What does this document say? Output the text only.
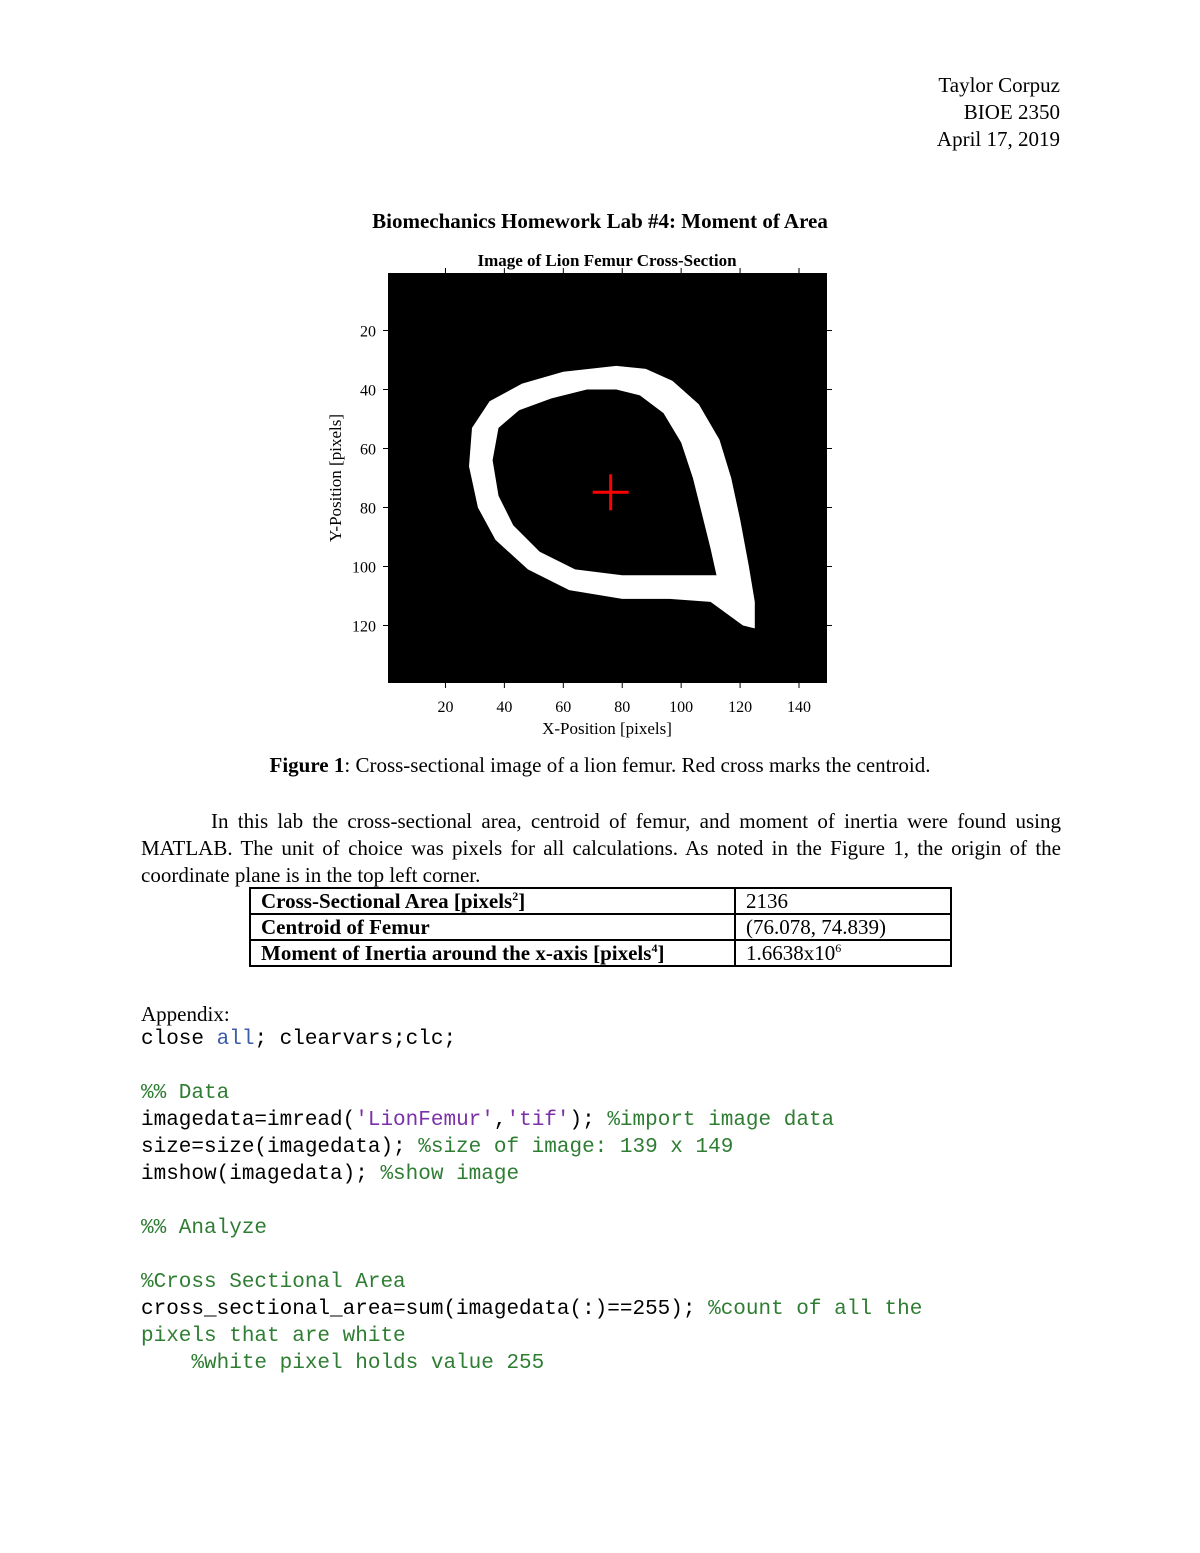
Taylor Corpuz
BIOE 2350
April 17, 2019
Biomechanics Homework Lab #4: Moment of Area
Image of Lion Femur Cross-Section
20
40
60
80
100
120
20	40	60	80 100 120 140
X-Position [pixels]
Y-Position [pixels]
Figure 1: Cross-sectional image of a lion femur. Red cross marks the centroid.
In this lab the cross-sectional area, centroid of femur, and moment of inertia were found using MATLAB. The unit of choice was pixels for all calculations. As noted in the Figure 1, the origin of the coordinate plane is in the top left corner.
Cross-Sectional Area [pixels$^2$]	2136
Centroid of Femur	(76.078, 74.839)
Moment of Inertia around the x-axis [pixels$^4$]	$1.6638x10^6$
Appendix:
close all; clearvars;clc;
%% Data
imagedata=imread('LionFemur','tif'); %import image data
size=size(imagedata); %size of image: 139 x 149
imshow(imagedata); %show image
%% Analyze
%Cross Sectional Area
cross_sectional_area=sum(imagedata(:)==255); %count of all the
pixels that are white
%white pixel holds value 255
